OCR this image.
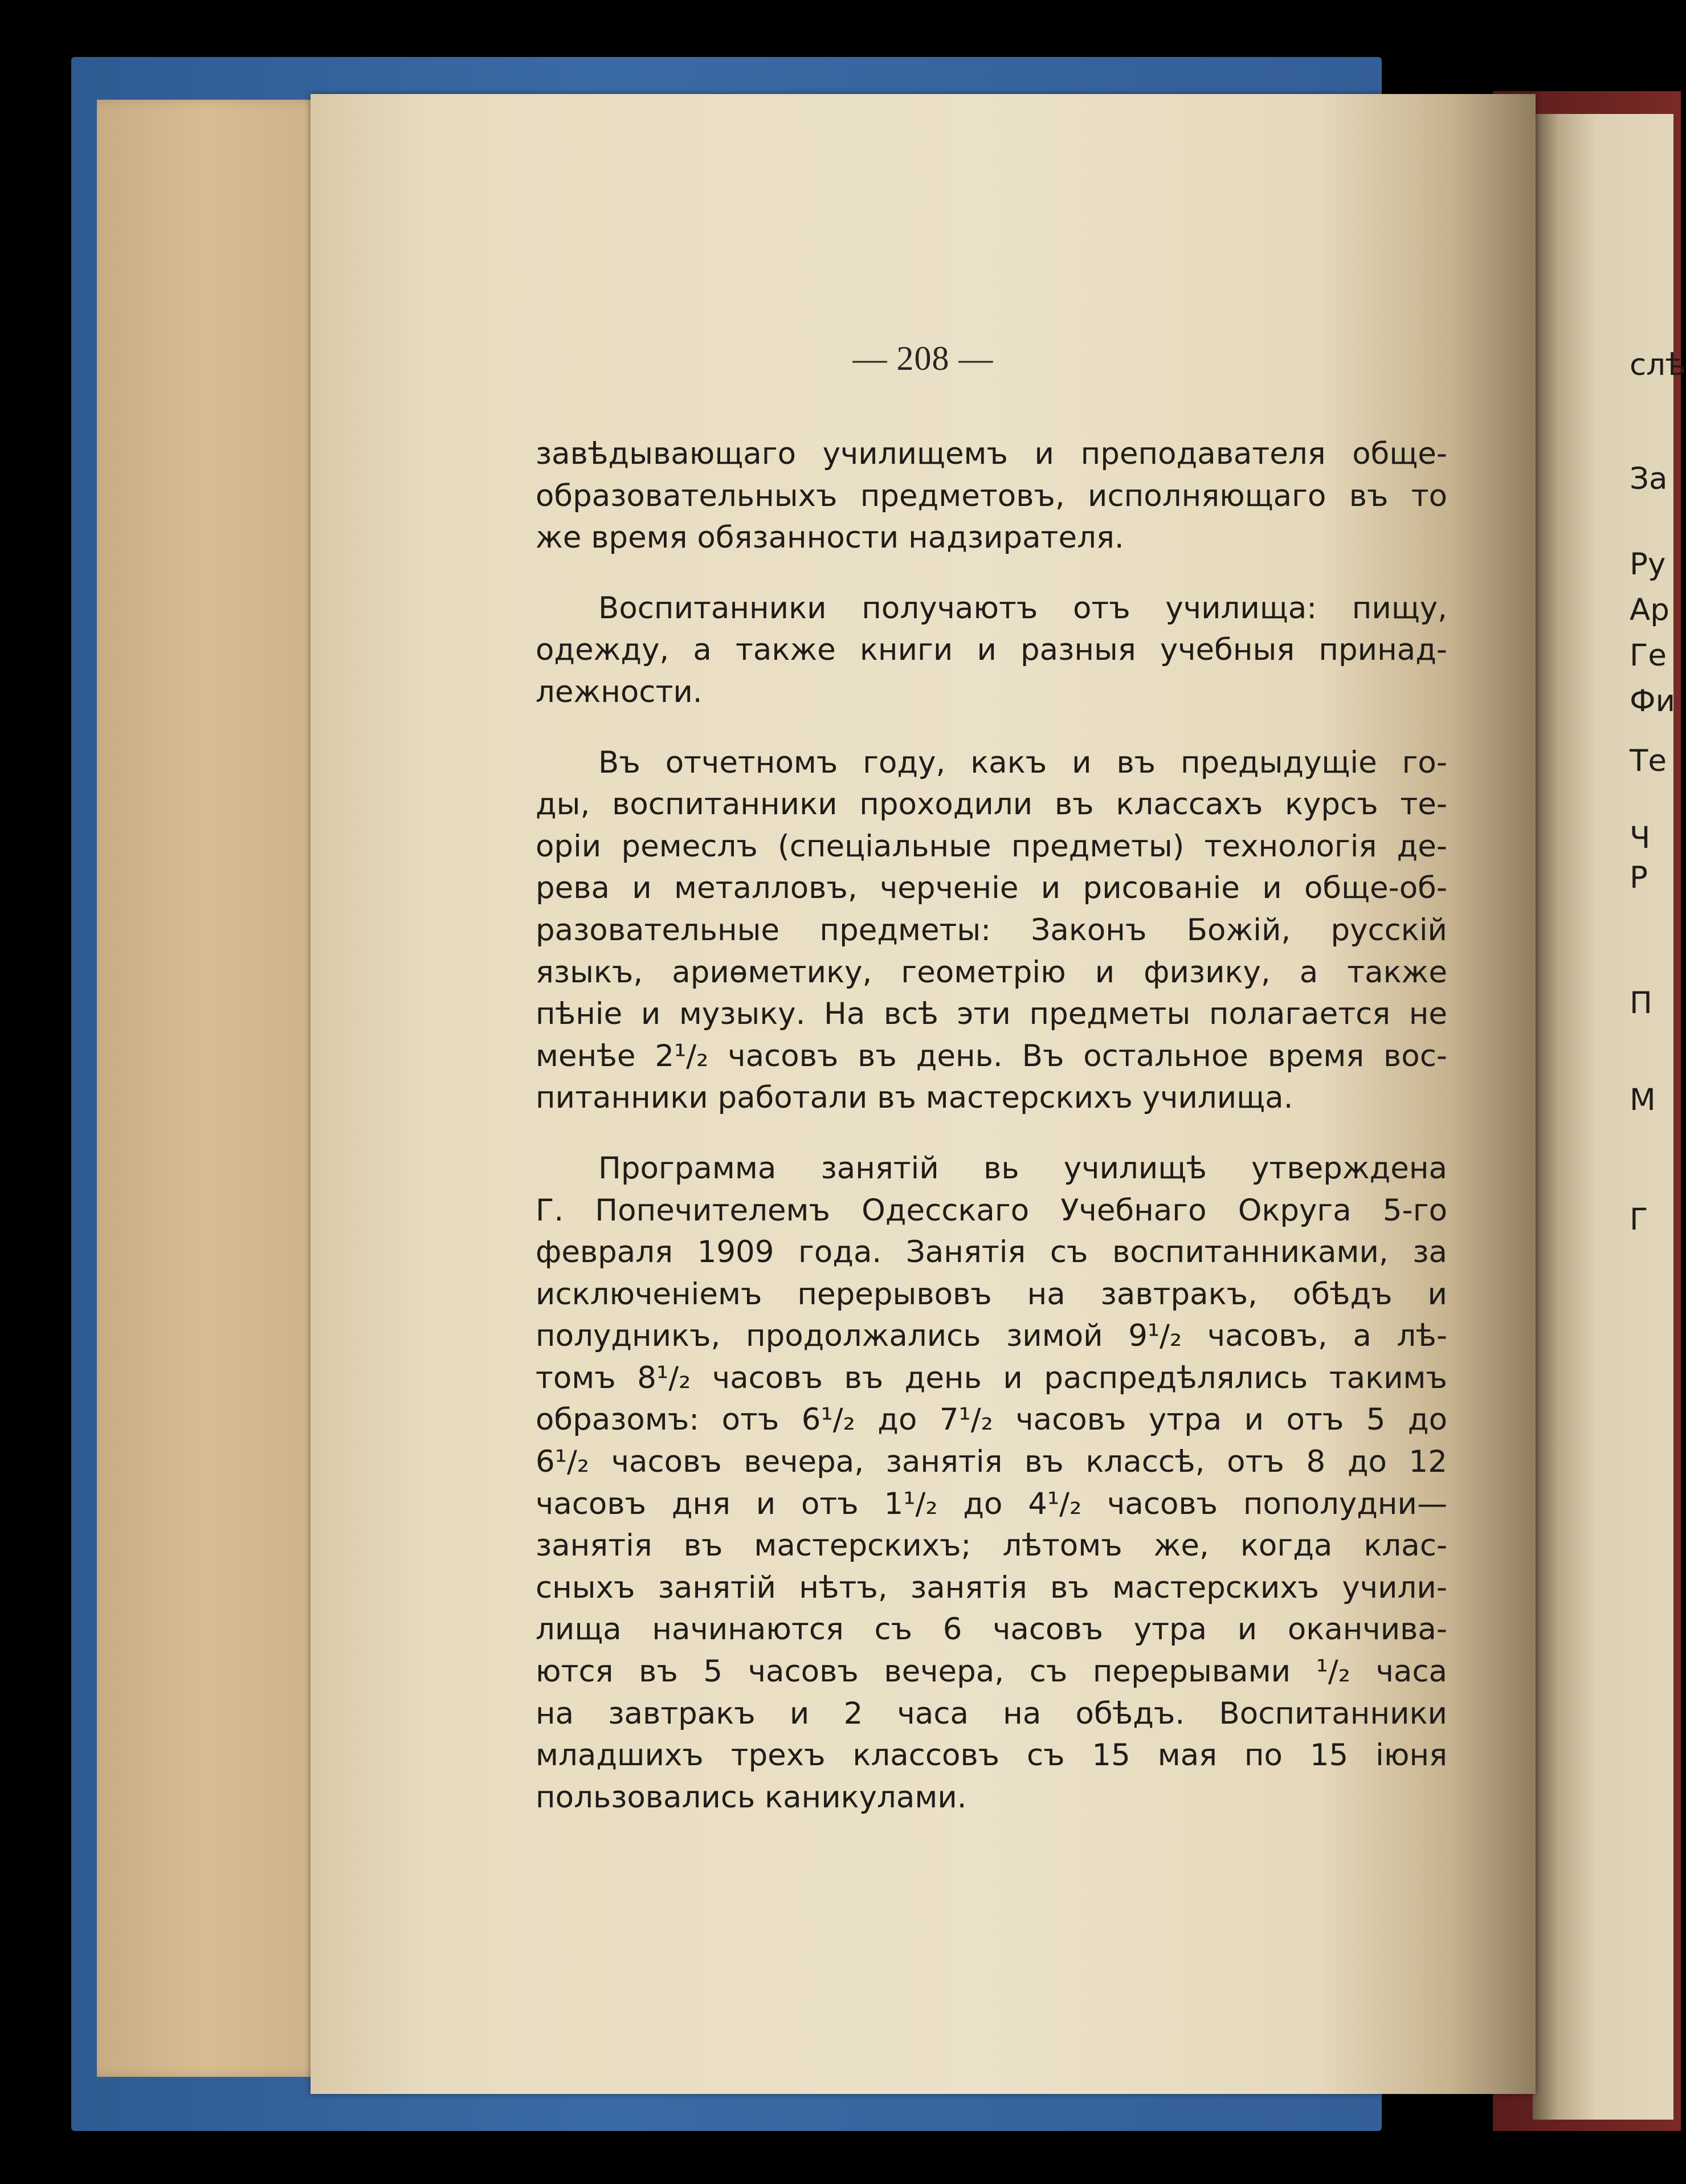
— 208 —
завѣдывающаго училищемъ и преподавателя обще-
образовательныхъ предметовъ, исполняющаго въ то
же время обязанности надзирателя.
Воспитанники получаютъ отъ училища: пищу,
одежду, а также книги и разныя учебныя принад-
лежности.
Въ отчетномъ году, какъ и въ предыдущіе го-
ды, воспитанники проходили въ классахъ курсъ те-
оріи ремеслъ (спеціальные предметы) технологія де-
рева и металловъ, черченіе и рисованіе и обще-об-
разовательные предметы: Законъ Божій, русскій
языкъ, ариѳметику, геометрію и физику, а также
пѣніе и музыку. На всѣ эти предметы полагается не
менѣе 2¹/₂ часовъ въ день. Въ остальное время вос-
питанники работали въ мастерскихъ училища.
Программа занятій вь училищѣ утверждена
Г. Попечителемъ Одесскаго Учебнаго Округа 5-го
февраля 1909 года. Занятія съ воспитанниками, за
исключеніемъ перерывовъ на завтракъ, обѣдъ и
полудникъ, продолжались зимой 9¹/₂ часовъ, а лѣ-
томъ 8¹/₂ часовъ въ день и распредѣлялись такимъ
образомъ: отъ 6¹/₂ до 7¹/₂ часовъ утра и отъ 5 до
6¹/₂ часовъ вечера, занятія въ классѣ, отъ 8 до 12
часовъ дня и отъ 1¹/₂ до 4¹/₂ часовъ пополудни—
занятія въ мастерскихъ; лѣтомъ же, когда клас-
сныхъ занятій нѣтъ, занятія въ мастерскихъ учили-
лища начинаются съ 6 часовъ утра и оканчива-
ются въ 5 часовъ вечера, съ перерывами ¹/₂ часа
на завтракъ и 2 часа на обѣдъ. Воспитанники
младшихъ трехъ классовъ съ 15 мая по 15 іюня
пользовались каникулами.
слѣ
За
Ру
Ар
Ге
Фи
Те
Ч
Р
П
М
Г
